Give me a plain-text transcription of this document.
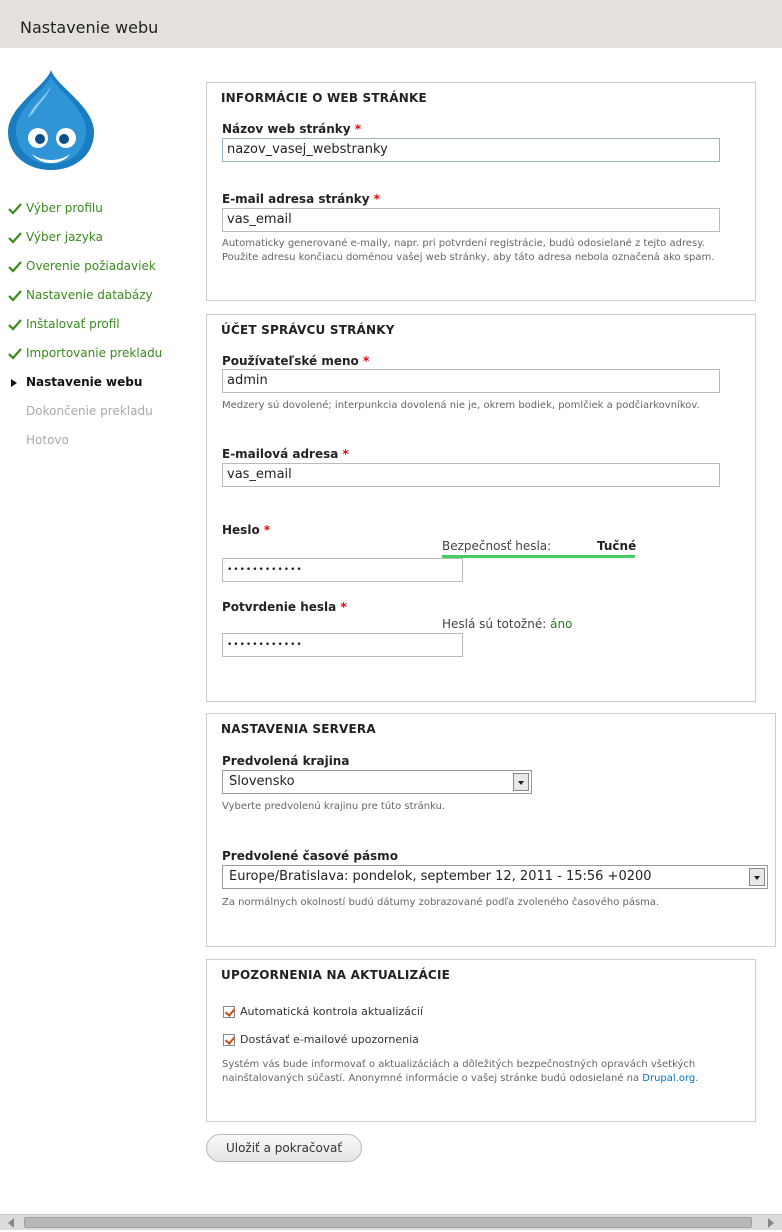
Nastavenie webu
Výber profilu
Výber jazyka
Overenie požiadaviek
Nastavenie databázy
Inštalovať profil
Importovanie prekladu
Nastavenie webu
Dokončenie prekladu
Hotovo
INFORMÁCIE O WEB STRÁNKE
Názov web stránky *
nazov_vasej_webstranky
E-mail adresa stránky *
vas_email
Automaticky generované e-maily, napr. pri potvrdení registrácie, budú odosielané z tejto adresy.
Použite adresu končiacu doménou vašej web stránky, aby táto adresa nebola označená ako spam.
ÚČET SPRÁVCU STRÁNKY
Používateľské meno *
admin
Medzery sú dovolené; interpunkcia dovolená nie je, okrem bodiek, pomlčiek a podčiarkovníkov.
E-mailová adresa *
vas_email
Heslo *
Bezpečnosť hesla:	Tučné
••••••••••••
Potvrdenie hesla *
Heslá sú totožné: áno
••••••••••••
NASTAVENIA SERVERA
Predvolená krajina
Slovensko
Vyberte predvolenú krajinu pre túto stránku.
Predvolené časové pásmo
Europe/Bratislava: pondelok, september 12, 2011 - 15:56 +0200
Za normálnych okolností budú dátumy zobrazované podľa zvoleného časového pásma.
UPOZORNENIA NA AKTUALIZÁCIE
Automatická kontrola aktualizácií
Dostávať e-mailové upozornenia
Systém vás bude informovať o aktualizáciách a dôležitých bezpečnostných opravách všetkých
nainštalovaných súčastí. Anonymné informácie o vašej stránke budú odosielané na Drupal.org.
Uložiť a pokračovať
